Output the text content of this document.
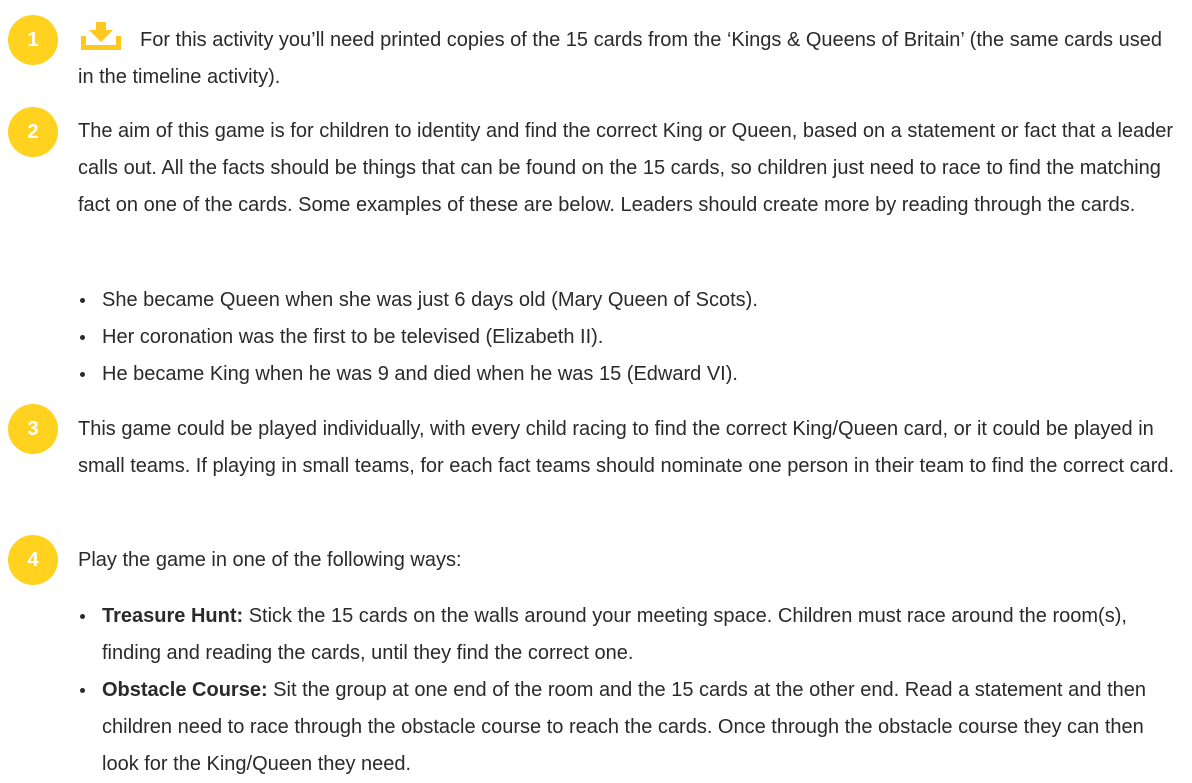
1	For this activity you’ll need printed copies of the 15 cards from the ‘Kings & Queens of Britain’ (the same cards used in the timeline activity).

2	The aim of this game is for children to identity and find the correct King or Queen, based on a statement or fact that a leader calls out. All the facts should be things that can be found on the 15 cards, so children just need to race to find the matching fact on one of the cards. Some examples of these are below. Leaders should create more by reading through the cards.

She became Queen when she was just 6 days old (Mary Queen of Scots).
Her coronation was the first to be televised (Elizabeth II).
He became King when he was 9 and died when he was 15 (Edward VI).
3	This game could be played individually, with every child racing to find the correct King/Queen card, or it could be played in small teams. If playing in small teams, for each fact teams should nominate one person in their team to find the correct card.

4	Play the game in one of the following ways:

Treasure Hunt: Stick the 15 cards on the walls around your meeting space. Children must race around the room(s), finding and reading the cards, until they find the correct one.
Obstacle Course: Sit the group at one end of the room and the 15 cards at the other end. Read a statement and then children need to race through the obstacle course to reach the cards. Once through the obstacle course they can then look for the King/Queen they need.
